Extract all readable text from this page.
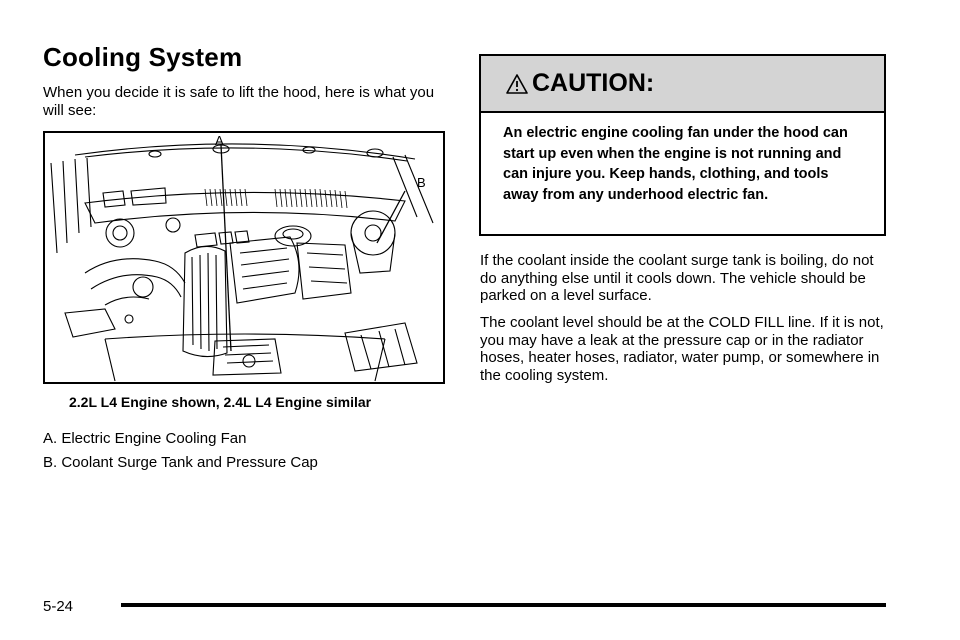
Cooling System

When you decide it is safe to lift the hood, here is what you will see:

A
B

2.2L L4 Engine shown, 2.4L L4 Engine similar

A. Electric Engine Cooling Fan
B. Coolant Surge Tank and Pressure Cap
CAUTION:

An electric engine cooling fan under the hood can start up even when the engine is not running and can injure you. Keep hands, clothing, and tools away from any underhood electric fan.

If the coolant inside the coolant surge tank is boiling, do not do anything else until it cools down. The vehicle should be parked on a level surface.

The coolant level should be at the COLD FILL line. If it is not, you may have a leak at the pressure cap or in the radiator hoses, heater hoses, radiator, water pump, or somewhere in the cooling system.

5-24
